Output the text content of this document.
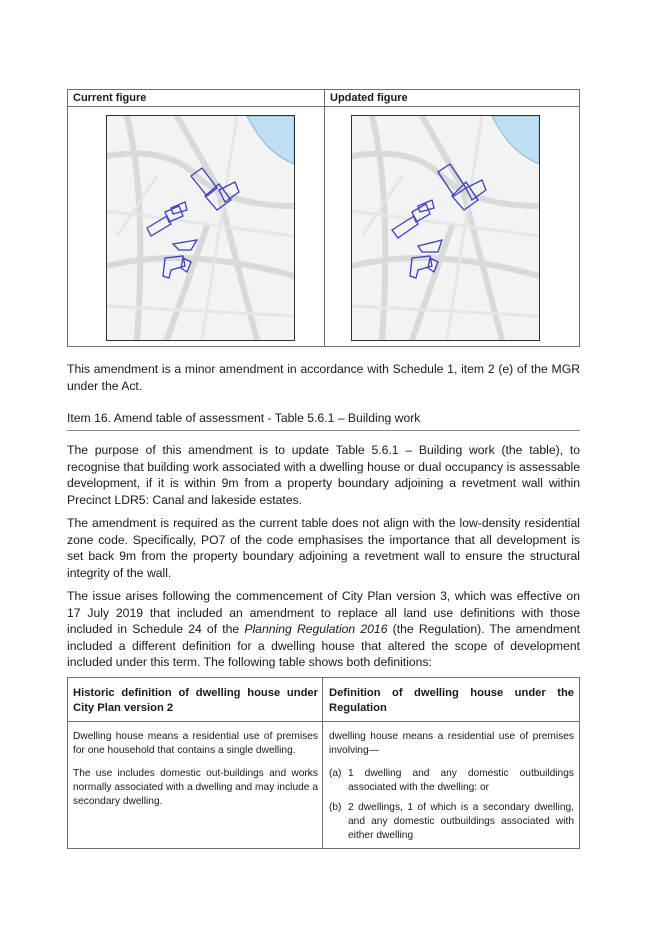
Current figure	Updated figure

This amendment is a minor amendment in accordance with Schedule 1, item 2 (e) of the MGR under the Act.

Item 16. Amend table of assessment - Table 5.6.1 – Building work

The purpose of this amendment is to update Table 5.6.1 – Building work (the table), to recognise that building work associated with a dwelling house or dual occupancy is assessable development, if it is within 9m from a property boundary adjoining a revetment wall within Precinct LDR5: Canal and lakeside estates.

The amendment is required as the current table does not align with the low-density residential zone code. Specifically, PO7 of the code emphasises the importance that all development is set back 9m from the property boundary adjoining a revetment wall to ensure the structural integrity of the wall.

The issue arises following the commencement of City Plan version 3, which was effective on 17 July 2019 that included an amendment to replace all land use definitions with those included in Schedule 24 of the Planning Regulation 2016 (the Regulation). The amendment included a different definition for a dwelling house that altered the scope of development included under this term. The following table shows both definitions:

Historic definition of dwelling house under City Plan version 2
Definition of dwelling house under the Regulation

Dwelling house means a residential use of premises for one household that contains a single dwelling.

The use includes domestic out-buildings and works normally associated with a dwelling and may include a secondary dwelling.

dwelling house means a residential use of premises involving—

(a) 1 dwelling and any domestic outbuildings associated with the dwelling: or
(b) 2 dwellings, 1 of which is a secondary dwelling, and any domestic outbuildings associated with either dwelling
